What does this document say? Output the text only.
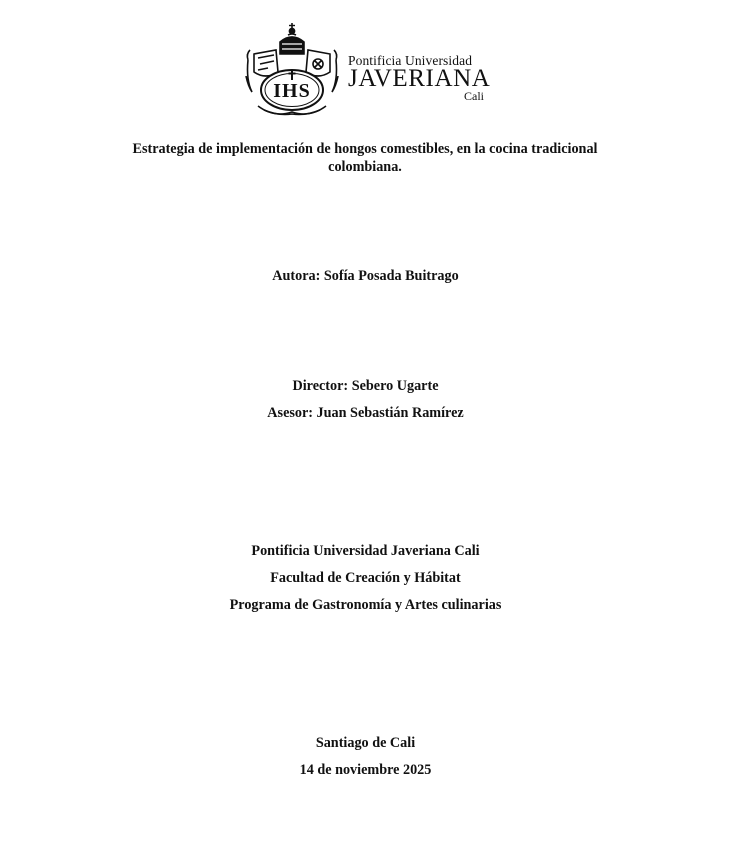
IHS
Pontificia Universidad
JAVERIANA
Cali
Estrategia de implementación de hongos comestibles, en la cocina tradicional
colombiana.
Autora: Sofía Posada Buitrago
Director: Sebero Ugarte
Asesor: Juan Sebastián Ramírez
Pontificia Universidad Javeriana Cali
Facultad de Creación y Hábitat
Programa de Gastronomía y Artes culinarias
Santiago de Cali
14 de noviembre 2025
